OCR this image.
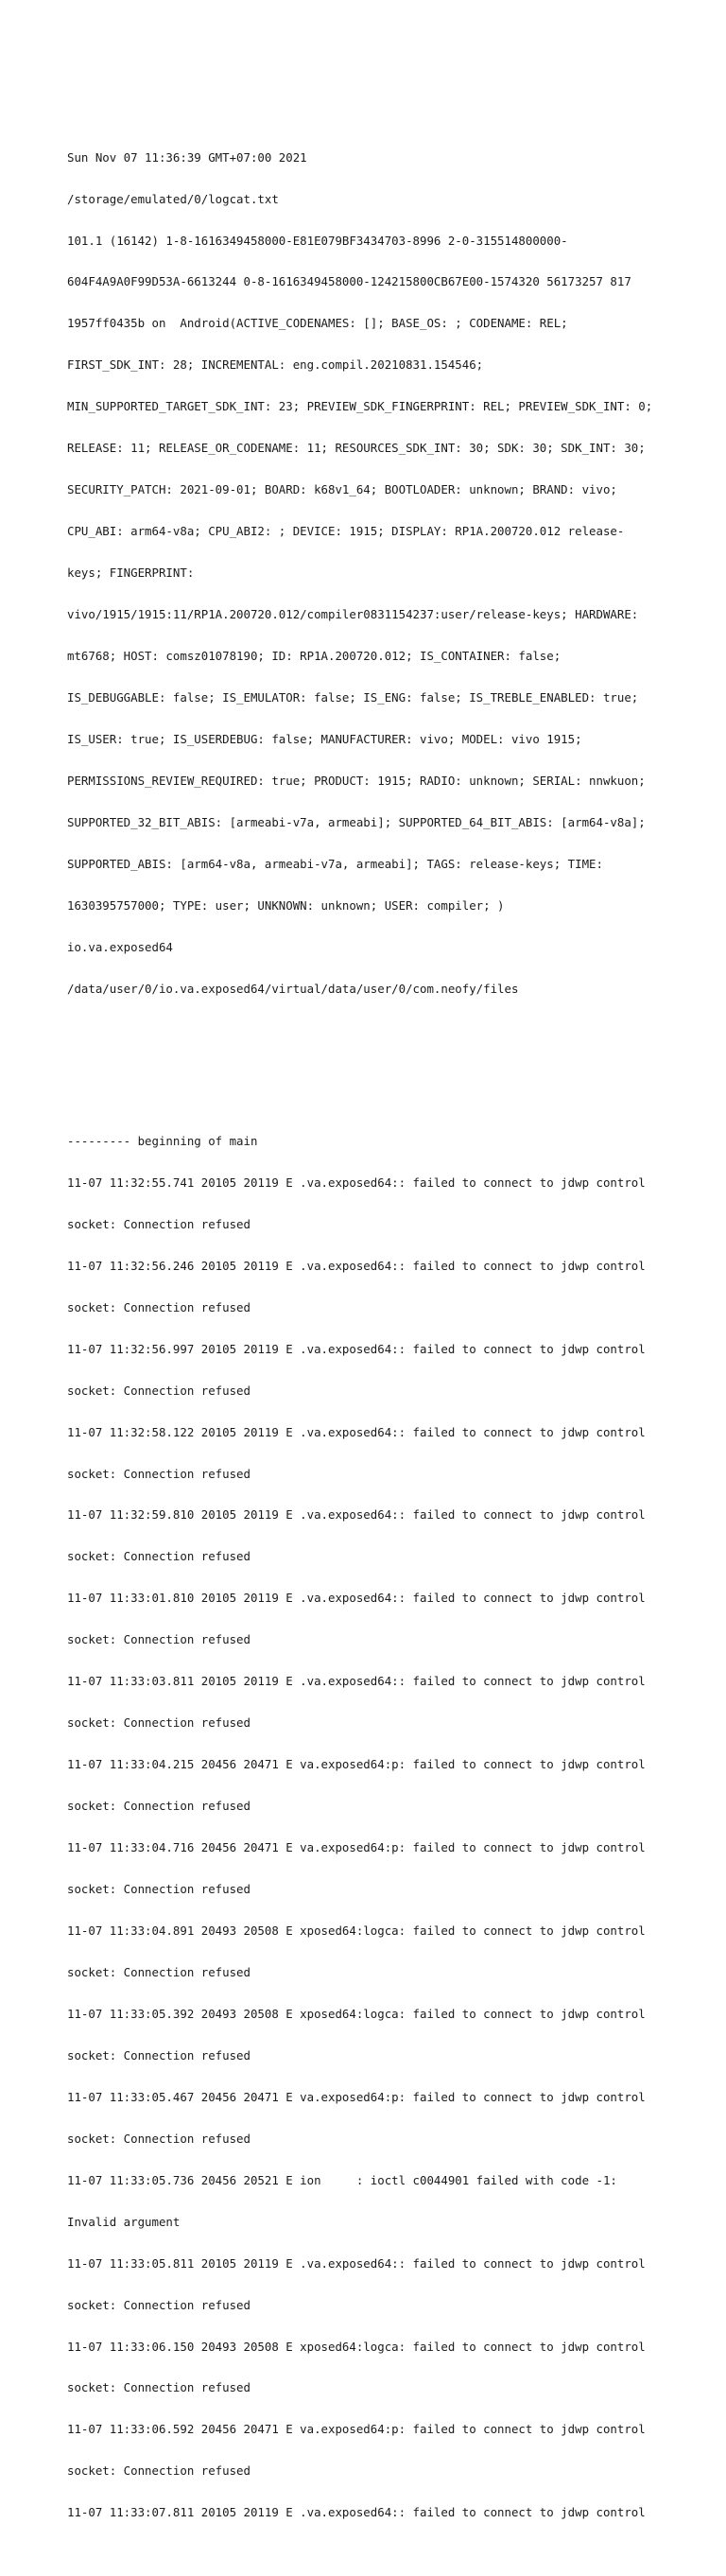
Sun Nov 07 11:36:39 GMT+07:00 2021

/storage/emulated/0/logcat.txt

101.1 (16142) 1-8-1616349458000-E81E079BF3434703-8996 2-0-315514800000-

604F4A9A0F99D53A-6613244 0-8-1616349458000-124215800CB67E00-1574320 56173257 817

1957ff0435b on  Android(ACTIVE_CODENAMES: []; BASE_OS: ; CODENAME: REL;

FIRST_SDK_INT: 28; INCREMENTAL: eng.compil.20210831.154546;

MIN_SUPPORTED_TARGET_SDK_INT: 23; PREVIEW_SDK_FINGERPRINT: REL; PREVIEW_SDK_INT: 0;

RELEASE: 11; RELEASE_OR_CODENAME: 11; RESOURCES_SDK_INT: 30; SDK: 30; SDK_INT: 30;

SECURITY_PATCH: 2021-09-01; BOARD: k68v1_64; BOOTLOADER: unknown; BRAND: vivo;

CPU_ABI: arm64-v8a; CPU_ABI2: ; DEVICE: 1915; DISPLAY: RP1A.200720.012 release-

keys; FINGERPRINT:

vivo/1915/1915:11/RP1A.200720.012/compiler0831154237:user/release-keys; HARDWARE:

mt6768; HOST: comsz01078190; ID: RP1A.200720.012; IS_CONTAINER: false;

IS_DEBUGGABLE: false; IS_EMULATOR: false; IS_ENG: false; IS_TREBLE_ENABLED: true;

IS_USER: true; IS_USERDEBUG: false; MANUFACTURER: vivo; MODEL: vivo 1915;

PERMISSIONS_REVIEW_REQUIRED: true; PRODUCT: 1915; RADIO: unknown; SERIAL: nnwkuon;

SUPPORTED_32_BIT_ABIS: [armeabi-v7a, armeabi]; SUPPORTED_64_BIT_ABIS: [arm64-v8a];

SUPPORTED_ABIS: [arm64-v8a, armeabi-v7a, armeabi]; TAGS: release-keys; TIME:

1630395757000; TYPE: user; UNKNOWN: unknown; USER: compiler; )

io.va.exposed64

/data/user/0/io.va.exposed64/virtual/data/user/0/com.neofy/files

--------- beginning of main

11-07 11:32:55.741 20105 20119 E .va.exposed64:: failed to connect to jdwp control

socket: Connection refused

11-07 11:32:56.246 20105 20119 E .va.exposed64:: failed to connect to jdwp control

socket: Connection refused

11-07 11:32:56.997 20105 20119 E .va.exposed64:: failed to connect to jdwp control

socket: Connection refused

11-07 11:32:58.122 20105 20119 E .va.exposed64:: failed to connect to jdwp control

socket: Connection refused

11-07 11:32:59.810 20105 20119 E .va.exposed64:: failed to connect to jdwp control

socket: Connection refused

11-07 11:33:01.810 20105 20119 E .va.exposed64:: failed to connect to jdwp control

socket: Connection refused

11-07 11:33:03.811 20105 20119 E .va.exposed64:: failed to connect to jdwp control

socket: Connection refused

11-07 11:33:04.215 20456 20471 E va.exposed64:p: failed to connect to jdwp control

socket: Connection refused

11-07 11:33:04.716 20456 20471 E va.exposed64:p: failed to connect to jdwp control

socket: Connection refused

11-07 11:33:04.891 20493 20508 E xposed64:logca: failed to connect to jdwp control

socket: Connection refused

11-07 11:33:05.392 20493 20508 E xposed64:logca: failed to connect to jdwp control

socket: Connection refused

11-07 11:33:05.467 20456 20471 E va.exposed64:p: failed to connect to jdwp control

socket: Connection refused

11-07 11:33:05.736 20456 20521 E ion     : ioctl c0044901 failed with code -1:

Invalid argument

11-07 11:33:05.811 20105 20119 E .va.exposed64:: failed to connect to jdwp control

socket: Connection refused

11-07 11:33:06.150 20493 20508 E xposed64:logca: failed to connect to jdwp control

socket: Connection refused

11-07 11:33:06.592 20456 20471 E va.exposed64:p: failed to connect to jdwp control

socket: Connection refused

11-07 11:33:07.811 20105 20119 E .va.exposed64:: failed to connect to jdwp control
